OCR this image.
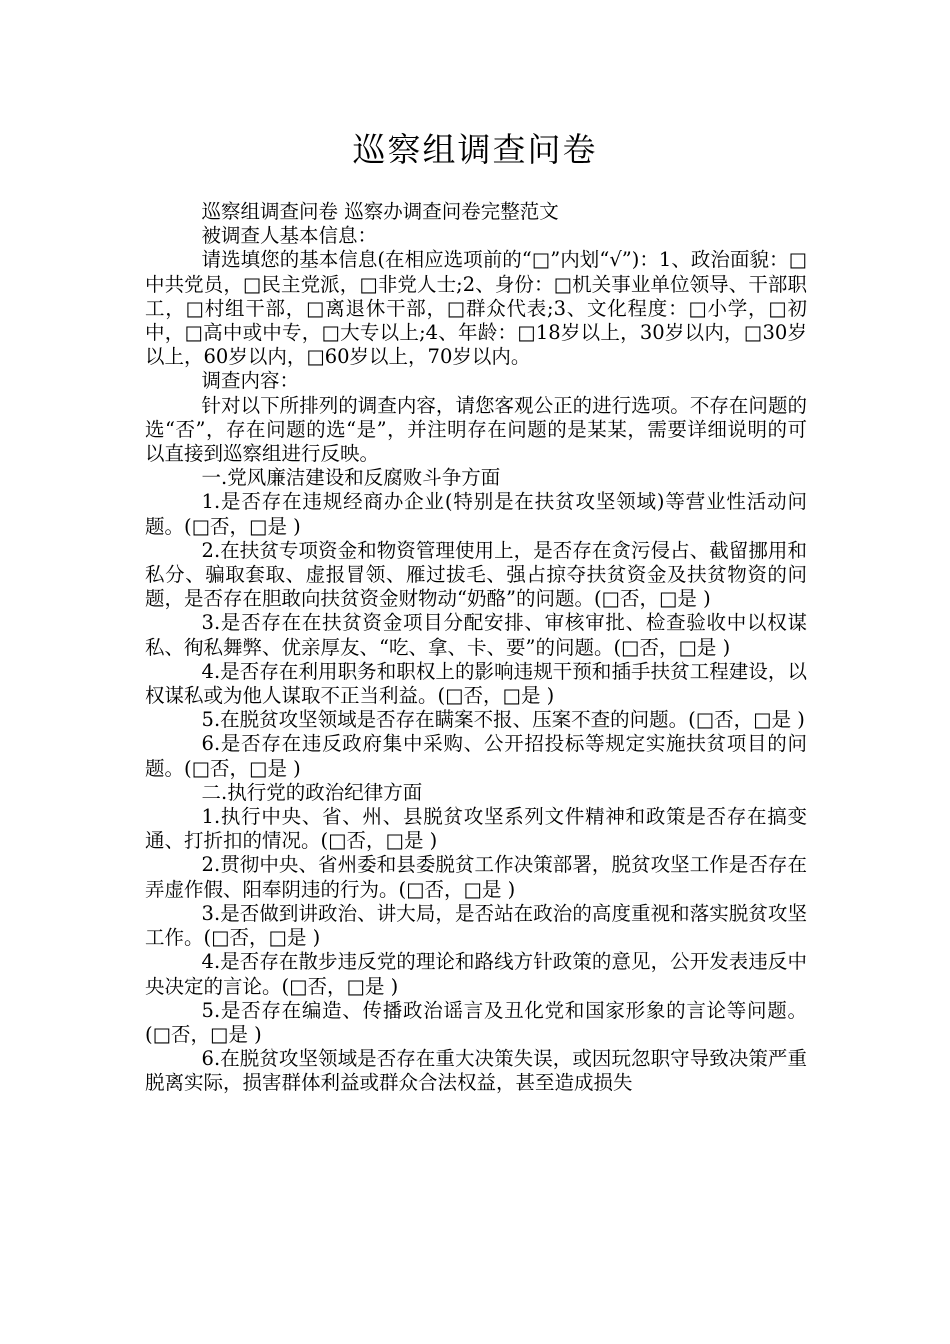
巡察组调查问卷

巡察组调查问卷 巡察办调查问卷完整范文

被调查人基本信息：

请选填您的基本信息(在相应选项前的“□”内划“√”)：1、政治面貌：□中共党员，□民主党派，□非党人士;2、身份：□机关事业单位领导、干部职工，□村组干部，□离退休干部，□群众代表;3、文化程度：□小学，□初中，□高中或中专，□大专以上;4、年龄：□18岁以上，30岁以内，□30岁以上，60岁以内，□60岁以上，70岁以内。

调查内容：

针对以下所排列的调查内容，请您客观公正的进行选项。不存在问题的选“否”，存在问题的选“是”，并注明存在问题的是某某，需要详细说明的可以直接到巡察组进行反映。

一.党风廉洁建设和反腐败斗争方面

1.是否存在违规经商办企业(特别是在扶贫攻坚领域)等营业性活动问题。(□否，□是 )

2.在扶贫专项资金和物资管理使用上，是否存在贪污侵占、截留挪用和私分、骗取套取、虚报冒领、雁过拔毛、强占掠夺扶贫资金及扶贫物资的问题，是否存在胆敢向扶贫资金财物动“奶酪”的问题。(□否，□是 )

3.是否存在在扶贫资金项目分配安排、审核审批、检查验收中以权谋私、徇私舞弊、优亲厚友、“吃、拿、卡、要”的问题。(□否，□是 )

4.是否存在利用职务和职权上的影响违规干预和插手扶贫工程建设，以权谋私或为他人谋取不正当利益。(□否，□是 )

5.在脱贫攻坚领域是否存在瞒案不报、压案不查的问题。(□否，□是 )

6.是否存在违反政府集中采购、公开招投标等规定实施扶贫项目的问题。(□否，□是 )

二.执行党的政治纪律方面

1.执行中央、省、州、县脱贫攻坚系列文件精神和政策是否存在搞变通、打折扣的情况。(□否，□是 )

2.贯彻中央、省州委和县委脱贫工作决策部署，脱贫攻坚工作是否存在弄虚作假、阳奉阴违的行为。(□否，□是 )

3.是否做到讲政治、讲大局，是否站在政治的高度重视和落实脱贫攻坚工作。(□否，□是 )

4.是否存在散步违反党的理论和路线方针政策的意见，公开发表违反中央决定的言论。(□否，□是 )

5.是否存在编造、传播政治谣言及丑化党和国家形象的言论等问题。(□否，□是 )

6.在脱贫攻坚领域是否存在重大决策失误，或因玩忽职守导致决策严重脱离实际，损害群体利益或群众合法权益，甚至造成损失
